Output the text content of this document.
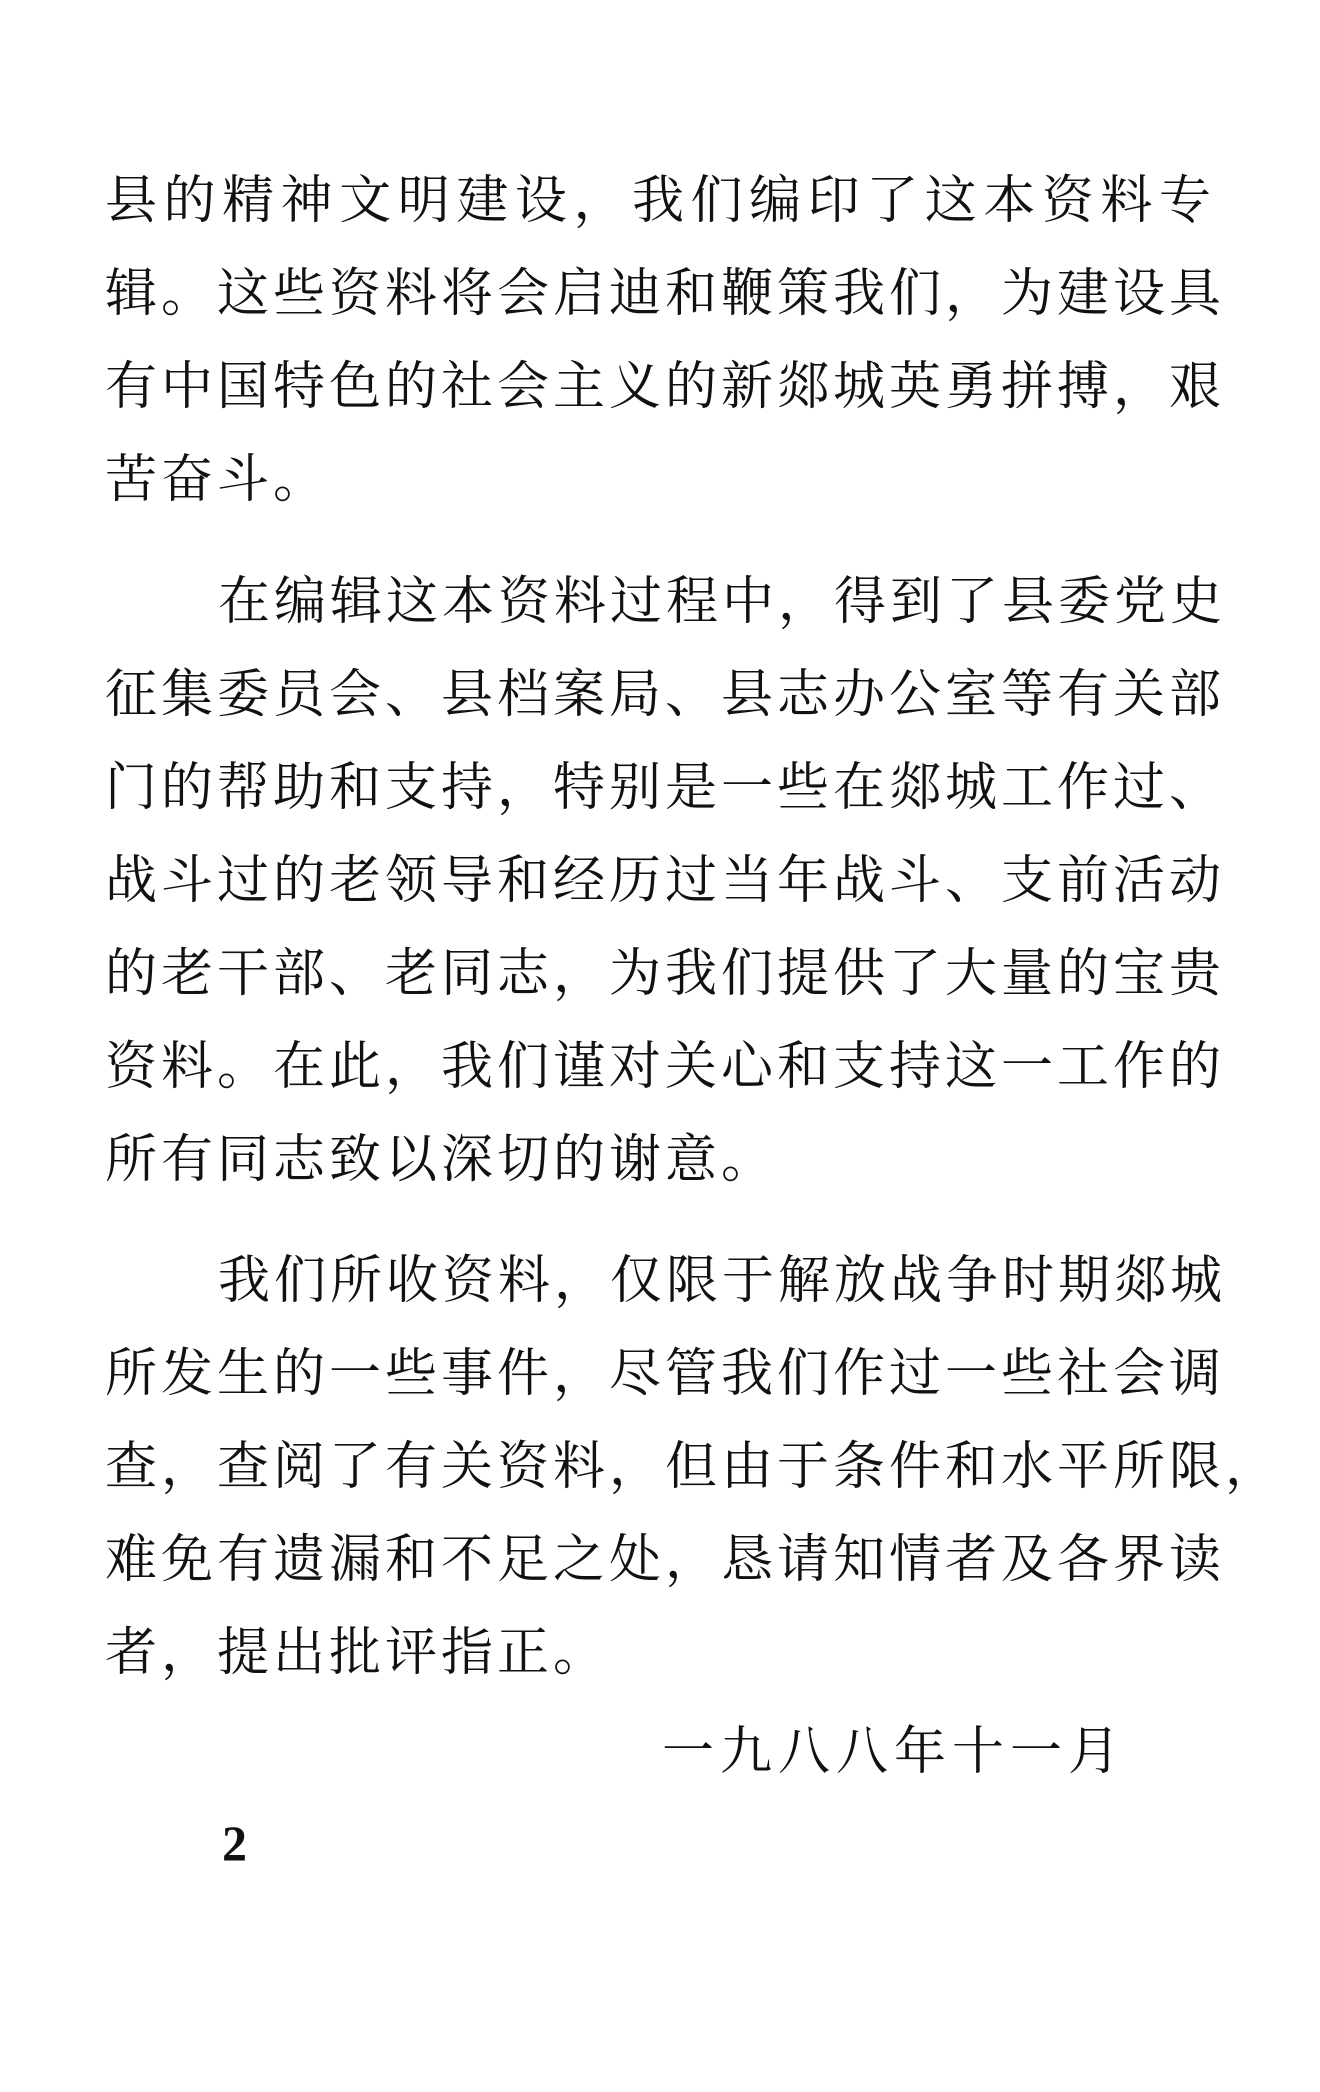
县的精神文明建设，我们编印了这本资料专
辑。这些资料将会启迪和鞭策我们，为建设具
有中国特色的社会主义的新郯城英勇拼搏，艰
苦奋斗。
在编辑这本资料过程中，得到了县委党史
征集委员会、县档案局、县志办公室等有关部
门的帮助和支持，特别是一些在郯城工作过、
战斗过的老领导和经历过当年战斗、支前活动
的老干部、老同志，为我们提供了大量的宝贵
资料。在此，我们谨对关心和支持这一工作的
所有同志致以深切的谢意。
我们所收资料，仅限于解放战争时期郯城
所发生的一些事件，尽管我们作过一些社会调
查，查阅了有关资料，但由于条件和水平所限，
难免有遗漏和不足之处，恳请知情者及各界读
者，提出批评指正。
一九八八年十一月
2
